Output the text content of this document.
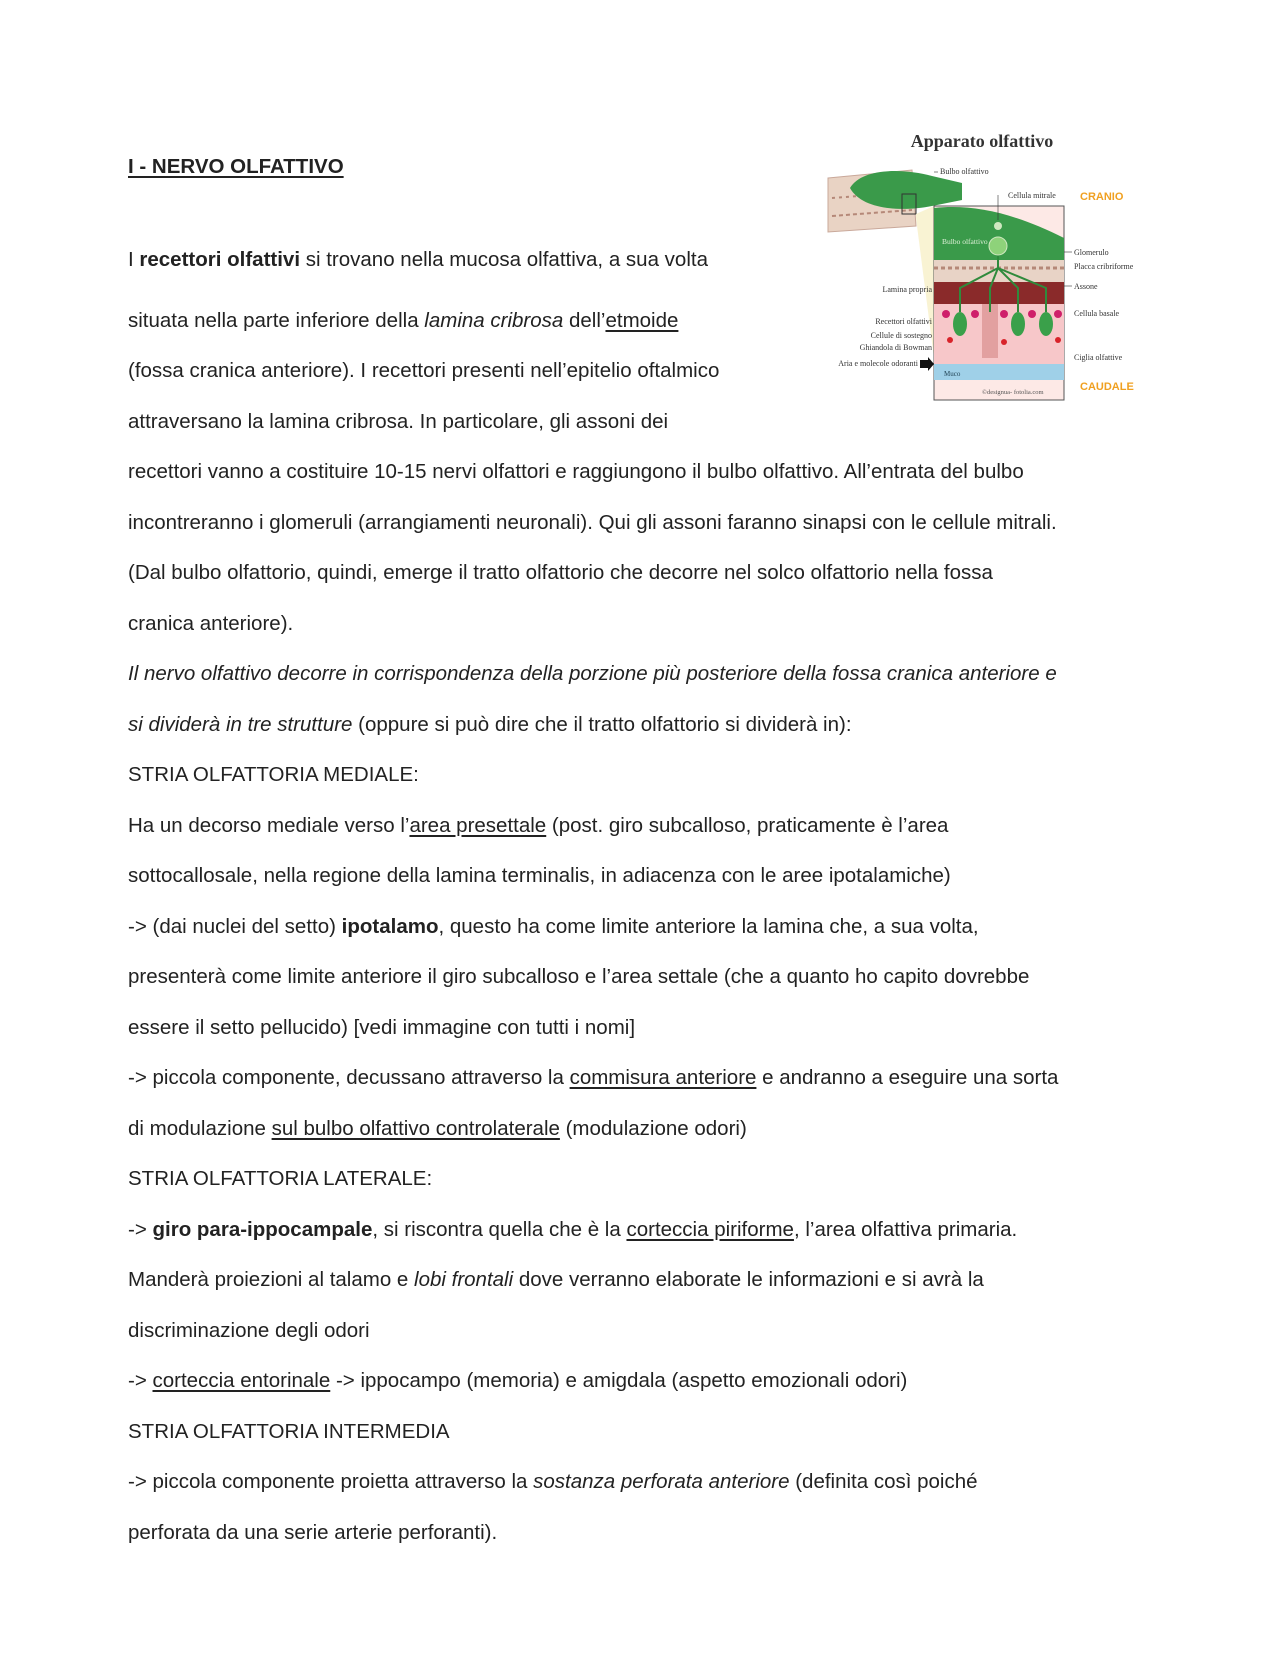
I - NERVO OLFATTIVO
Apparato olfattivo
Bulbo olfattivo
Muco
Bulbo olfattivo
Cellula mitrale CRANIO
Glomerulo
Placca cribriforme
Assone
Cellula basale
Ciglia olfattive
CAUDALE
Lamina propria
Recettori olfattivi
Cellule di sostegno
Ghiandola di Bowman
Aria e molecole odoranti
©designua- fotolia.com
I recettori olfattivi si trovano nella mucosa olfattiva, a sua volta
situata nella parte inferiore della lamina cribrosa dell’etmoide
(fossa cranica anteriore). I recettori presenti nell’epitelio oftalmico
attraversano la lamina cribrosa. In particolare, gli assoni dei
recettori vanno a costituire 10-15 nervi olfattori e raggiungono il bulbo olfattivo. All’entrata del bulbo
incontreranno i glomeruli (arrangiamenti neuronali). Qui gli assoni faranno sinapsi con le cellule mitrali.
(Dal bulbo olfattorio, quindi, emerge il tratto olfattorio che decorre nel solco olfattorio nella fossa
cranica anteriore).
Il nervo olfattivo decorre in corrispondenza della porzione più posteriore della fossa cranica anteriore e
si dividerà in tre strutture (oppure si può dire che il tratto olfattorio si dividerà in):
STRIA OLFATTORIA MEDIALE:
Ha un decorso mediale verso l’area presettale (post. giro subcalloso, praticamente è l’area
sottocallosale, nella regione della lamina terminalis, in adiacenza con le aree ipotalamiche)
-> (dai nuclei del setto) ipotalamo, questo ha come limite anteriore la lamina che, a sua volta,
presenterà come limite anteriore il giro subcalloso e l’area settale (che a quanto ho capito dovrebbe
essere il setto pellucido) [vedi immagine con tutti i nomi]
-> piccola componente, decussano attraverso la commisura anteriore e andranno a eseguire una sorta
di modulazione sul bulbo olfattivo controlaterale (modulazione odori)
STRIA OLFATTORIA LATERALE:
-> giro para-ippocampale, si riscontra quella che è la corteccia piriforme, l’area olfattiva primaria.
Manderà proiezioni al talamo e lobi frontali dove verranno elaborate le informazioni e si avrà la
discriminazione degli odori
-> corteccia entorinale -> ippocampo (memoria) e amigdala (aspetto emozionali odori)
STRIA OLFATTORIA INTERMEDIA
-> piccola componente proietta attraverso la sostanza perforata anteriore (definita così poiché
perforata da una serie arterie perforanti).
